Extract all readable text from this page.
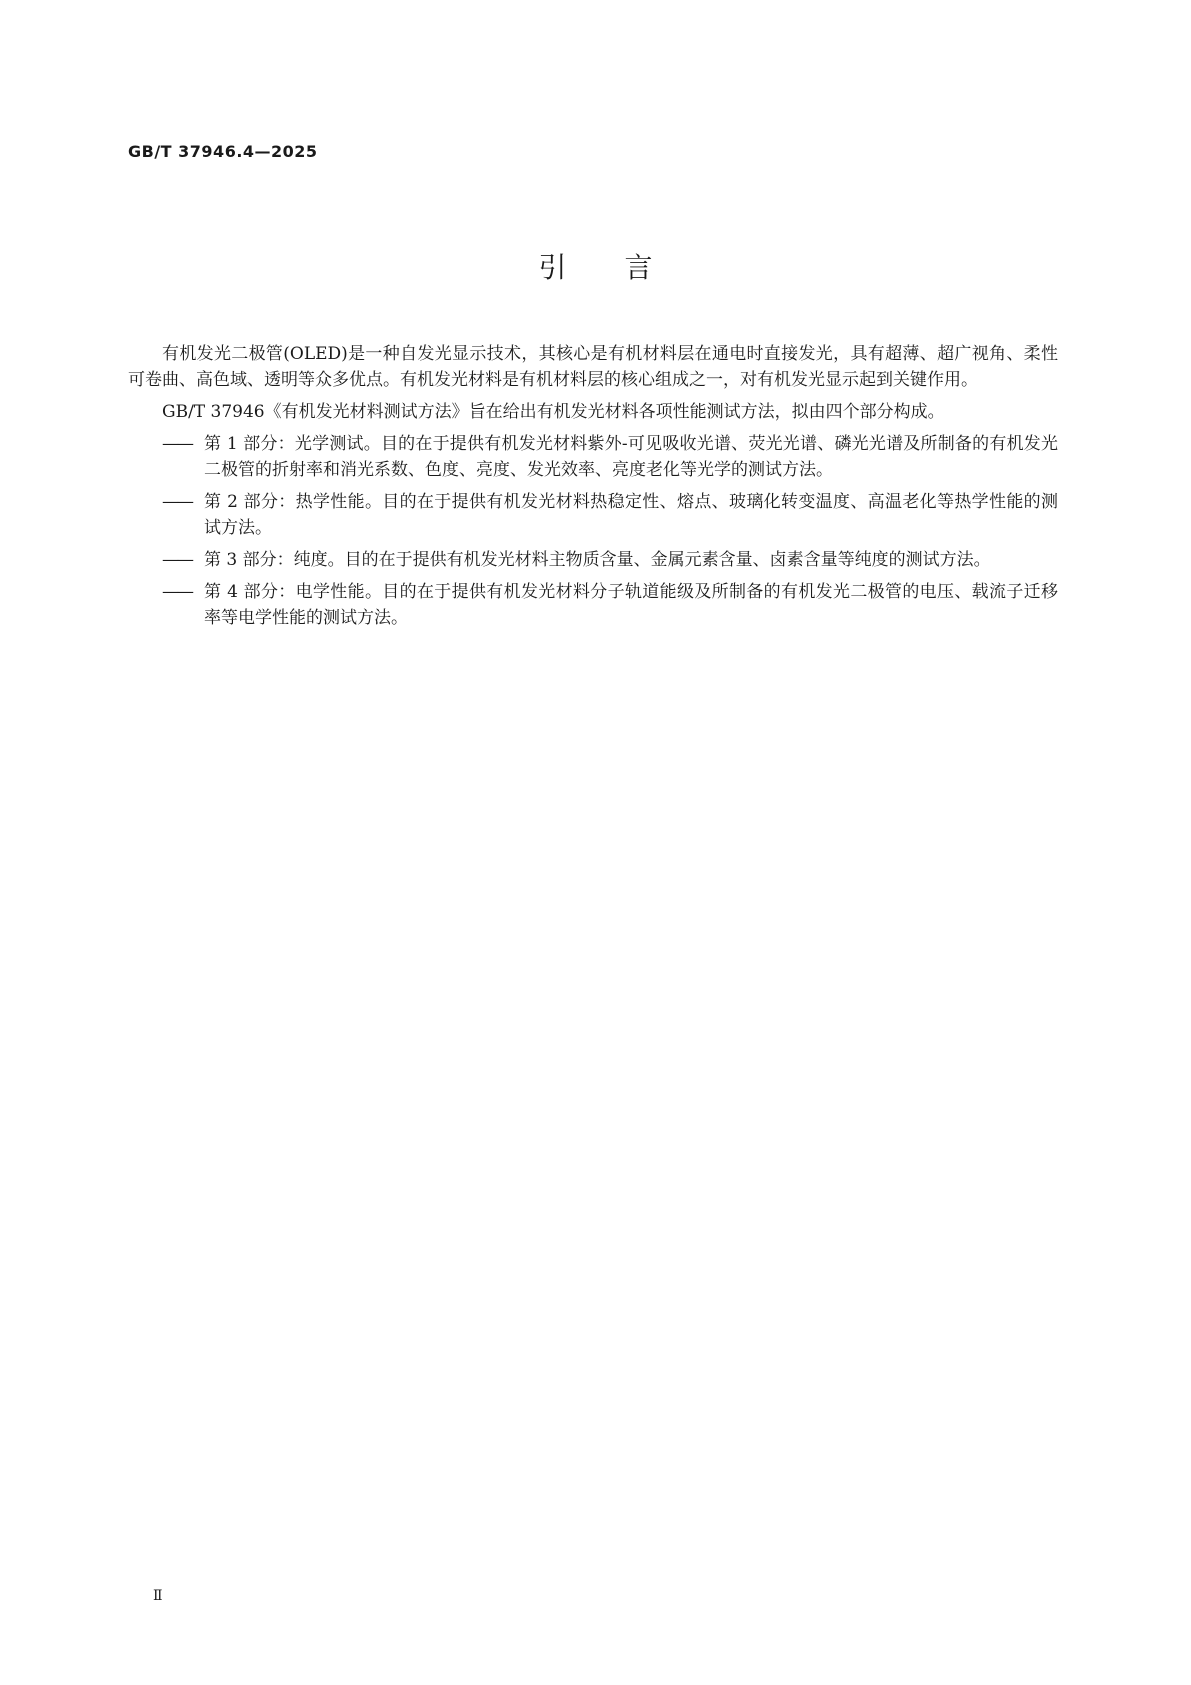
GB/T 37946.4—2025
引言

有机发光二极管(OLED)是一种自发光显示技术，其核心是有机材料层在通电时直接发光，具有超薄、超广视角、柔性可卷曲、高色域、透明等众多优点。有机发光材料是有机材料层的核心组成之一，对有机发光显示起到关键作用。

GB/T 37946《有机发光材料测试方法》旨在给出有机发光材料各项性能测试方法，拟由四个部分构成。

—— 第 1 部分：光学测试。目的在于提供有机发光材料紫外-可见吸收光谱、荧光光谱、磷光光谱及所制备的有机发光二极管的折射率和消光系数、色度、亮度、发光效率、亮度老化等光学的测试方法。
—— 第 2 部分：热学性能。目的在于提供有机发光材料热稳定性、熔点、玻璃化转变温度、高温老化等热学性能的测试方法。
—— 第 3 部分：纯度。目的在于提供有机发光材料主物质含量、金属元素含量、卤素含量等纯度的测试方法。
—— 第 4 部分：电学性能。目的在于提供有机发光材料分子轨道能级及所制备的有机发光二极管的电压、载流子迁移率等电学性能的测试方法。
Ⅱ
